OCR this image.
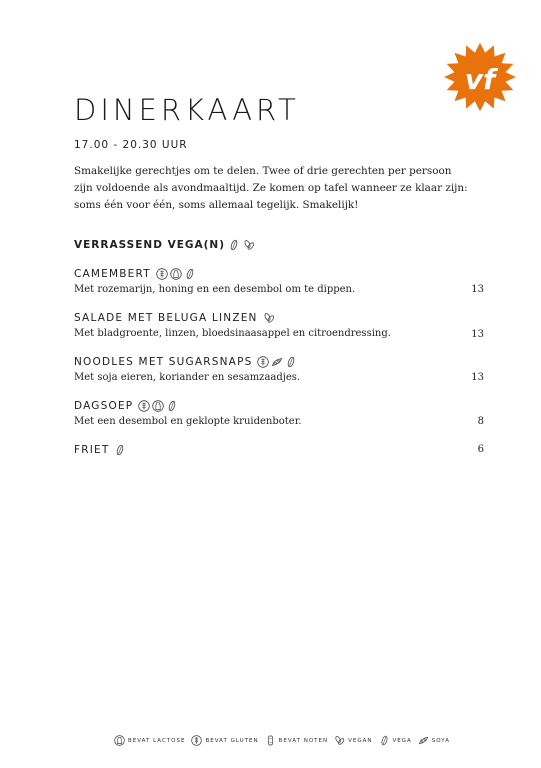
vf
DINERKAART
17.00 - 20.30 UUR
Smakelijke gerechtjes om te delen. Twee of drie gerechten per persoon
zijn voldoende als avondmaaltijd. Ze komen op tafel wanneer ze klaar zijn:
soms één voor één, soms allemaal tegelijk. Smakelijk!
VERRASSEND VEGA(N)
CAMEMBERT
Met rozemarijn, honing en een desembol om te dippen.	13
SALADE MET BELUGA LINZEN
Met bladgroente, linzen, bloedsinaasappel en citroendressing.	13
NOODLES MET SUGARSNAPS
Met soja eieren, koriander en sesamzaadjes.	13
DAGSOEP
Met een desembol en geklopte kruidenboter.	8
FRIET	6
BEVAT LACTOSE	BEVAT GLUTEN	BEVAT NOTEN	VEGAN	VEGA	SOYA
